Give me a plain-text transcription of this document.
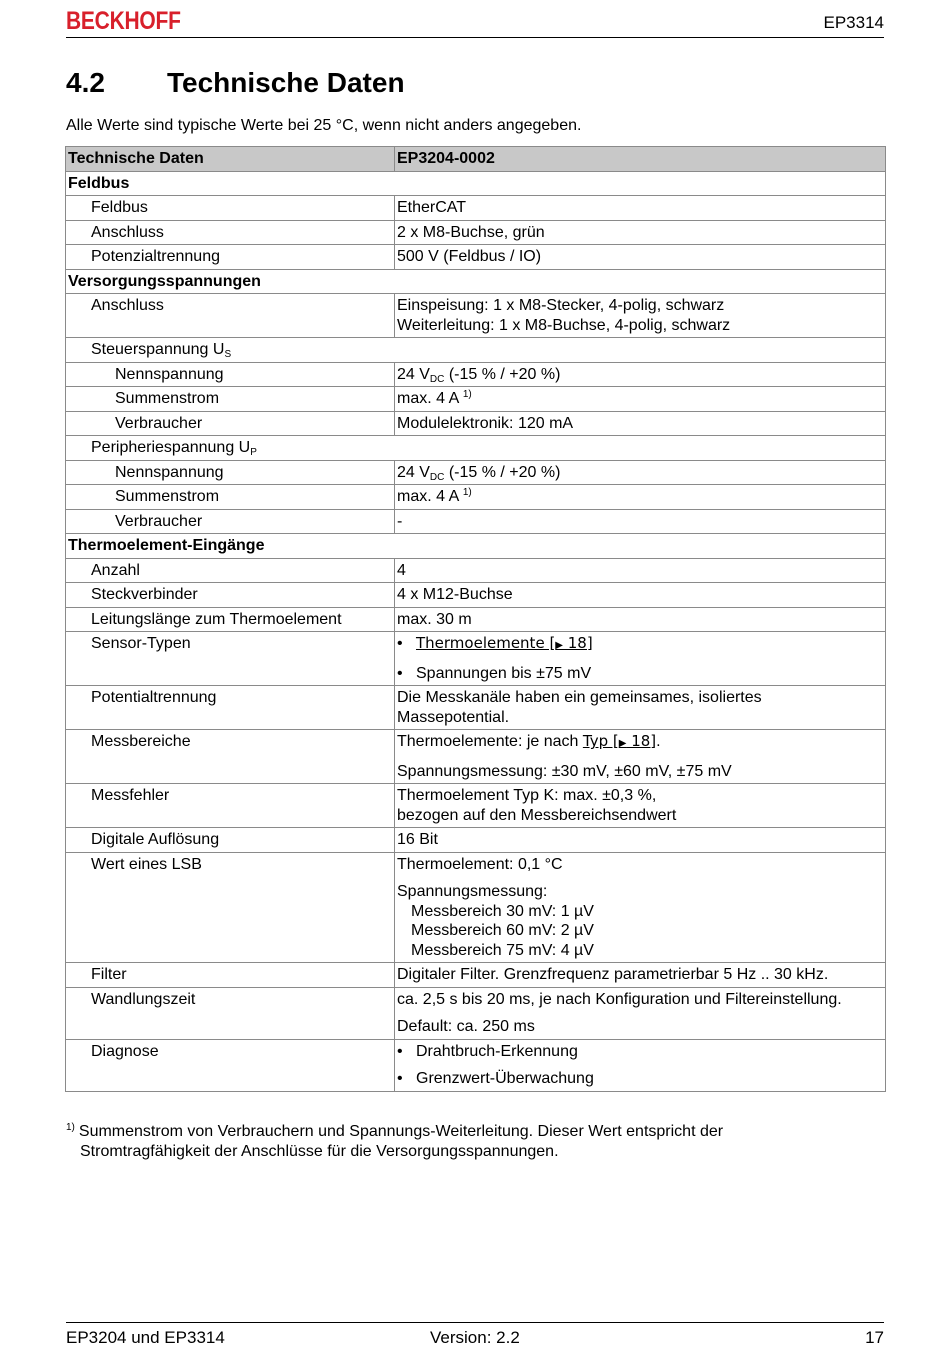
BECKHOFF	EP3314
4.2 Technische Daten
Alle Werte sind typische Werte bei 25 °C, wenn nicht anders angegeben.
Technische Daten	EP3204-0002
Feldbus	
Feldbus	EtherCAT
Anschluss	2 x M8-Buchse, grün
Potenzialtrennung	500 V (Feldbus / IO)
Versorgungsspannungen	
Anschluss	Einspeisung: 1 x M8-Stecker, 4-polig, schwarz
Weiterleitung: 1 x M8-Buchse, 4-polig, schwarz

Steuerspannung $U_S$
Nennspannung	24 $V_{DC}$ (-15 % / +20 %)
Summenstrom	max. 4 A $^{1)}$
Verbraucher	Modulelektronik: 120 mA
Peripheriespannung $U_P$
Nennspannung	24 $V_{DC}$ (-15 % / +20 %)
Summenstrom	max. 4 A $^{1)}$
Verbraucher	-
Thermoelement-Eingänge	
Anzahl	4
Steckverbinder	4 x M12-Buchse
Leitungslänge zum Thermoelement	max. 30 m
Sensor-Typen	• Thermoelemente [▶ 18]
• Spannungen bis ±75 mV

Potentialtrennung	Die Messkanäle haben ein gemeinsames, isoliertes
Massepotential.

Messbereiche	Thermoelemente: je nach Typ [▶ 18].
Spannungsmessung: ±30 mV, ±60 mV, ±75 mV

Messfehler	Thermoelement Typ K: max. ±0,3 %,
bezogen auf den Messbereichsendwert

Digitale Auflösung	16 Bit
Wert eines LSB	Thermoelement: 0,1 °C
Spannungsmessung:
Messbereich 30 mV: 1 µV
Messbereich 60 mV: 2 µV
Messbereich 75 mV: 4 µV

Filter	Digitaler Filter. Grenzfrequenz parametrierbar 5 Hz .. 30 kHz.
Wandlungszeit	ca. 2,5 s bis 20 ms, je nach Konfiguration und Filtereinstellung.
Default: ca. 250 ms

Diagnose	• Drahtbruch-Erkennung
• Grenzwert-Überwachung
$^{1)}$ Summenstrom von Verbrauchern und Spannungs-Weiterleitung. Dieser Wert entspricht der
Stromtragfähigkeit der Anschlüsse für die Versorgungsspannungen.
EP3204 und EP3314	Version: 2.2	17
